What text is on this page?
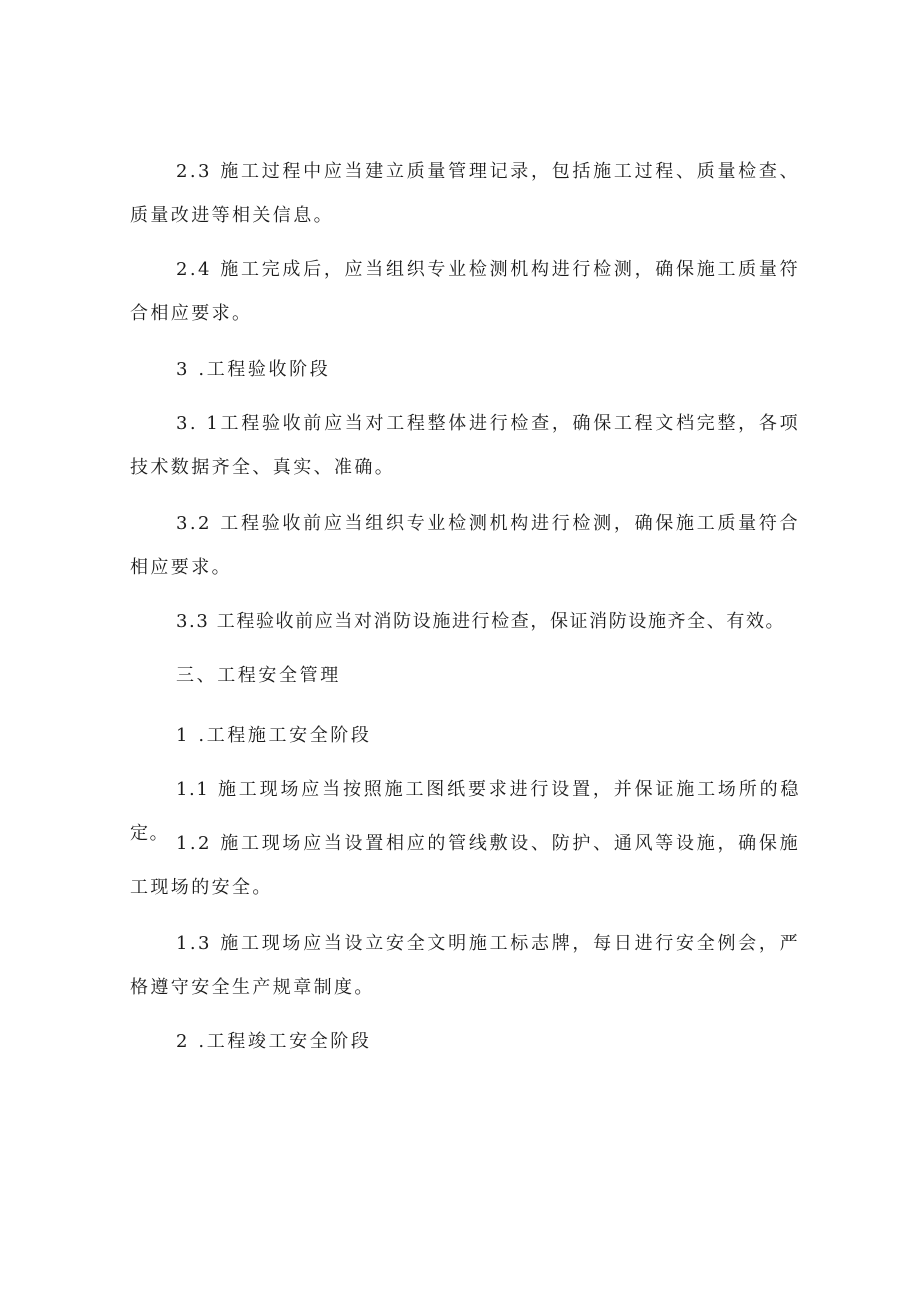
2.3 施工过程中应当建立质量管理记录，包括施工过程、质量检查、质量改进等相关信息。

2.4 施工完成后，应当组织专业检测机构进行检测，确保施工质量符合相应要求。

3 .工程验收阶段

3. 1工程验收前应当对工程整体进行检查，确保工程文档完整，各项技术数据齐全、真实、准确。

3.2 工程验收前应当组织专业检测机构进行检测，确保施工质量符合相应要求。

3.3 工程验收前应当对消防设施进行检查，保证消防设施齐全、有效。

三、工程安全管理

1 .工程施工安全阶段

1.1 施工现场应当按照施工图纸要求进行设置，并保证施工场所的稳定。 1.2 施工现场应当设置相应的管线敷设、防护、通风等设施，确保施工现场的安全。

1.3 施工现场应当设立安全文明施工标志牌，每日进行安全例会，严格遵守安全生产规章制度。

2 .工程竣工安全阶段
